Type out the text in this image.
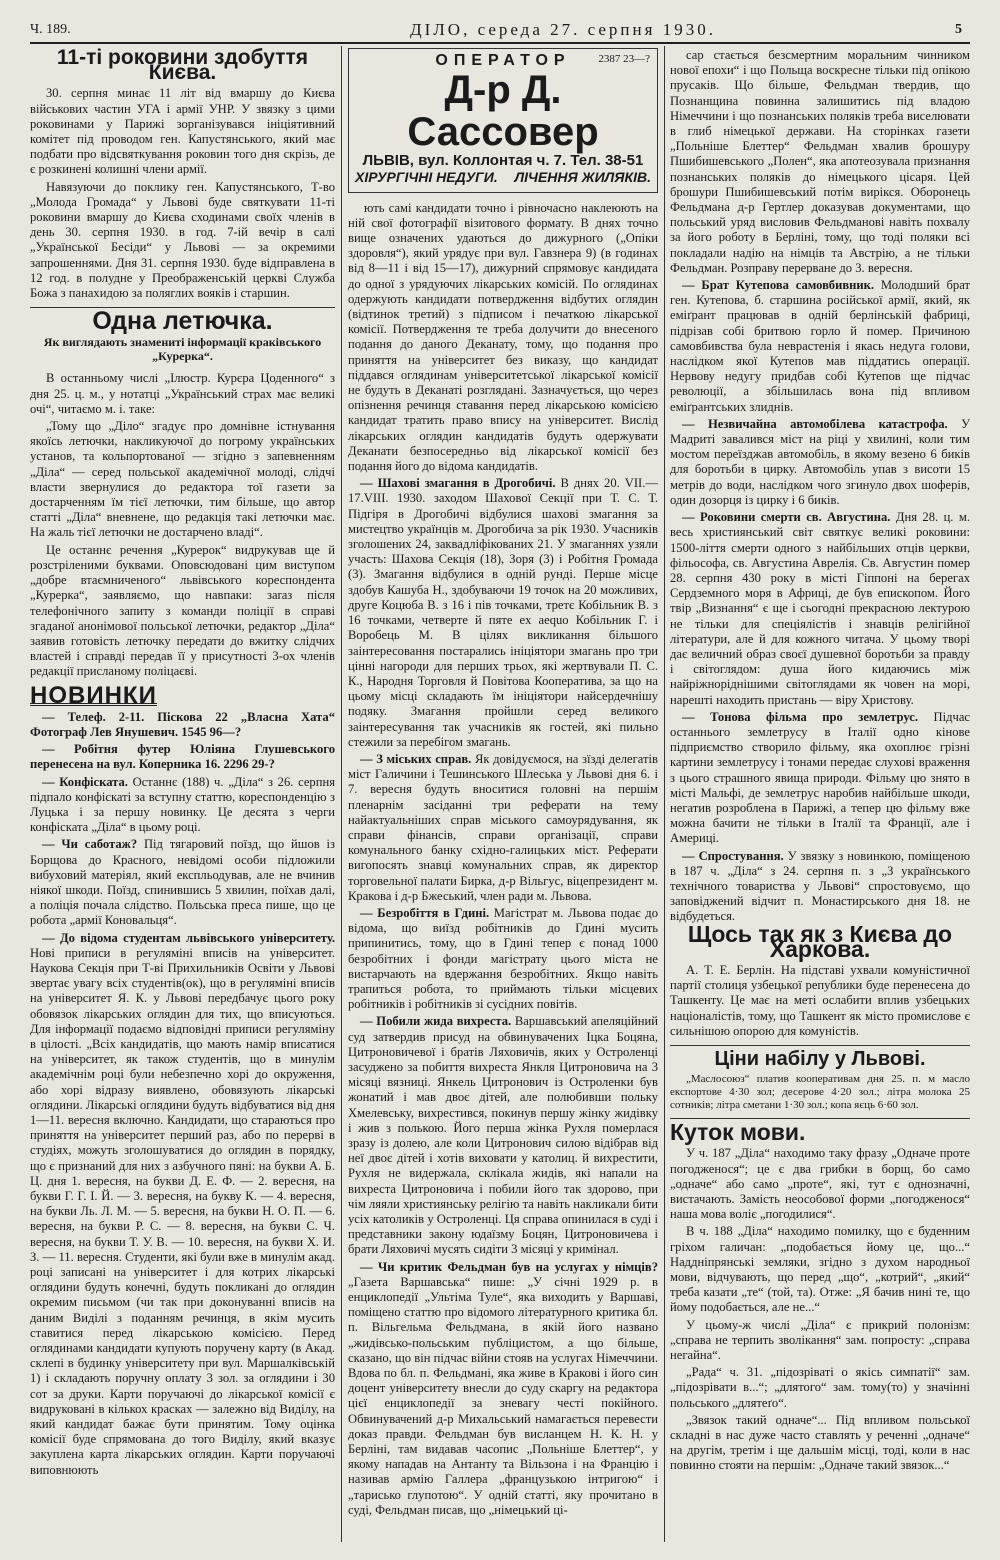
Ч. 189.	ДІЛО, середа 27. серпня 1930.	5
11-ті роковини здобуття Києва.

30. серпня минає 11 літ від вмаршу до Києва військових частин УГА і армії УНР. У звязку з цими роковинами у Парижі зорганізувався ініціятивний комітет під проводом ген. Капустянського, який має подбати про відсвяткування роковин того дня скрізь, де є розкинені колишні члени армії.

Навязуючи до поклику ген. Капустянського, Т-во „Молода Громада“ у Львові буде святкувати 11-ті роковини вмаршу до Києва сходинами своїх членів в день 30. серпня 1930. в год. 7-ій вечір в салі „Української Бесіди“ у Львові — за окремими запрошеннями. Дня 31. серпня 1930. буде відправлена в 12 год. в полудне у Преображенській церкві Служба Божа з панахидою за поляглих вояків і старшин.

Одна летючка.
Як виглядають знамениті інформації краківського „Курерка“.

В останньому числі „Ілюстр. Курєра Цоденного“ з дня 25. ц. м., у нотатці „Український страх має великі очі“, читаємо м. і. таке:

„Тому що „Діло“ згадує про домнівне істнування якоїсь летючки, накликуючої до погрому українських установ, та кольпортованої — згідно з запевненням „Діла“ — серед польської академічної молоді, слідчі власти звернулися до редактора тої газети за достарченням їм тієї летючки, тим більше, що автор статті „Діла“ вневнене, що редакція такі летючки має. На жаль тієї летючки не достарчено владі“.

Це останнє речення „Курерок“ видрукував ще й розстріленими буквами. Оповсюдовані цим виступом „добре втаємниченого“ львівського кореспондента „Курерка“, заявляємо, що навпаки: заraз після телефонічного запиту з команди поліції в справі згаданої анонімової польської летючки, редактор „Діла“ заявив готовість летючку передати до вжитку слідчих властей і справді передав її у присутності 3-ох членів редакції присланому поліцаєві.

НОВИНКИ

— Телеф. 2-11. Піскова 22 „Власна Хата“ Фотограф Лев Янушевич. 1545 96—?

— Робітня футер Юліяна Глушевського перенесена на вул. Коперника 16. 2296 29-?

— Конфіската. Останнє (188) ч. „Діла“ з 26. серпня підпало конфіскаті за вступну статтю, кореспонденцію з Луцька і за першу новинку. Це десята з черги конфіската „Діла“ в цьому році.

— Чи саботаж? Під тягаровий поїзд, що йшов із Борщова до Красного, невідомі особи підложили вибуховий матеріял, який експльодував, але не вчинив ніякої шкоди. Поїзд, спинившись 5 хвилин, поїхав далі, а поліція почала слідство. Польська преса пише, що це робота „армії Коновальця“.

— До відома студентам львівського університету. Нові приписи в регуляміні вписів на університет. Наукова Секція при Т-ві Прихильників Освіти у Львові звертає увагу всіх студентів(ок), що в регуляміні вписів на університет Я. К. у Львові передбачує цього року обовязок лікарських оглядин для тих, що вписуються. Для інформації подаємо відповідні приписи регуляміну в цілості. „Всіх кандидатів, що мають намір вписатися на університет, як також студентів, що в минулім академічнім році були небезпечно хорі до окруження, або хорі відразу виявлено, обовязують лікарські оглядини. Лікарські оглядини будуть відбуватися від дня 1—11. вересня включно. Кандидати, що стараються про приняття на університет перший раз, або по перерві в студіях, можуть зголошуватися до оглядин в порядку, що є признаний для них з азбучного пяні: на букви А. Б. Ц. дня 1. вересня, на букви Д. Е. Ф. — 2. вересня, на букви Г. Г. І. Й. — 3. вересня, на букву К. — 4. вересня, на букви Ль. Л. М. — 5. вересня, на букви Н. О. П. — 6. вересня, на букви Р. С. — 8. вересня, на букви С. Ч. вересня, на букви Т. У. В. — 10. вересня, на букви Х. И. З. — 11. вересня. Студенти, які були вже в минулім акад. році записані на університет і для котрих лікарські оглядини будуть конечні, будуть покликані до оглядин окремим письмом (чи так при доконуванні вписів на даним Виділі з поданням речинця, в якім мусить ставитися перед лікарською комісією. Перед оглядинами кандидати купують поручену карту (в Акад. склепі в будинку університету при вул. Маршалківській 1) і складають поручну оплату 3 зол. за оглядини і 30 сот за друки. Карти поручаючі до лікарської комісії є видруковані в кількох красках — залежно від Виділу, на який кандидат бажає бути принятим. Тому оцінка комісії буде спрямована до того Виділу, який вказує закуплена карта лікарських оглядин. Карти поручаючі виповнюють

ОПЕРАТОР	2387 23—?
Д-р Д. Сассовер
ЛЬВІВ, вул. Коллонтая ч. 7. Тел. 38-51
ХІРУРГІЧНІ НЕДУГИ. ЛІЧЕННЯ ЖИЛЯКІВ.

ють самі кандидати точно і рівночасно наклеюють на ній свої фотографії візитового формату. В днях точно вище означених удаються до дижурного („Опіки здоровля“), який урядує при вул. Гавзнера 9) (в годинах від 8—11 і від 15—17), дижурний спрямовує кандидата до одної з урядуючих лікарських комісій. По оглядинах одержують кандидати потвердження відбутих оглядин (відтинок третий) з підписом і печаткою лікарської комісії. Потвердження те треба долучити до внесеного подання до даного Деканату, тому, що подання про приняття на університет без виказу, що кандидат піддався оглядинам університетської лікарської комісії не будуть в Деканаті розглядані. Зазначується, що через опізнення речинця ставання перед лікарською комісією кандидат тратить право впису на університет. Вислід лікарських оглядин кандидатів будуть одержувати Деканати безпосередньо від лікарської комісії без подання його до відома кандидатів.

— Шахові змагання в Дрогобичі. В днях 20. VII.—17.VIII. 1930. заходом Шахової Секції при Т. С. Т. Підгіря в Дрогобичі відбулися шахові змагання за мистецтво українців м. Дрогобича за рік 1930. Учасників зголошених 24, заквадліфікованих 21. У змаганнях узяли участь: Шахова Секція (18), Зоря (3) і Робітня Громада (3). Змагання відбулися в одній рунді. Перше місце здобув Кашуба Н., здобуваючи 19 точок на 20 можливих, друге Коцюба В. з 16 і пів точками, третє Кобільник В. з 16 точками, четверте й пяте ex aequo Кобільник Г. і Воробець М. В цілях викликання більшого заінтересовання постарались ініціятори змагань про три цінні нагороди для перших трьох, які жертвували П. С. К., Народня Торговля й Повітова Кооператива, за що на цьому місці складають їм ініціятори найсердечнішу подяку. Змагання пройшли серед великого заінтересування так учасників як гостей, які пильно стежили за перебігом змагань.

— З міських справ. Як довідуємося, на зїзді делегатів міст Галичини і Тешинського Шлеська у Львові дня 6. і 7. вересня будуть вноситися головні на першім пленарнім засіданні три реферати на тему найактуальніших справ міського самоурядування, як справи фінансів, справи організації, справи комунального банку східно-галицьких міст. Реферати вигопосять знавці комунальних справ, як директор торговельної палати Бирка, д-р Вільгус, віцепрезидент м. Кракова і д-р Бжеський, член ради м. Львова.

— Безробіття в Гдині. Магістрат м. Львова подає до відома, що виїзд робітників до Гдині мусить припинитись, тому, що в Гдині тепер є понад 1000 безробітних і фонди магістрату цього міста не вистарчають на вдержання безробітних. Якщо навіть трапиться робота, то приймають тільки місцевих робітників і робітників зі сусідних повітів.

— Побили жида вихреста. Варшавський апеляційний суд затвердив присуд на обвинувачених Іцка Боцяна, Цитроновичевої і братів Ляховичів, яких у Остроленці засуджено за побиття вихреста Янкля Цитроновича на 3 місяці вязниці. Янкель Цитронович із Остроленки був жонатий і мав двоє дітей, але полюбивши польку Хмелевську, вихрестився, покинув першу жінку жидівку і жив з полькою. Його перша жінка Рухля померлася зразу із долею, але коли Цитронович силою відібрав від неї двоє дітей і хотів виховати у католиц. й вихрестити, Рухля не видержала, склікала жидів, які напали на вихреста Цитроновича і побили його так здорово, при чім ляяли християнську релігію та навіть накликали бити усіх католиків у Остроленці. Ця справа опинилася в суді і представники закону юдаїзму Боцян, Цитроновичева і брати Ляховичі мусять сидіти 3 місяці у кримінал.

— Чи критик Фельдман був на услугах у німців? „Газета Варшавська“ пише: „У січні 1929 р. в енциклопедії „Ультіма Туле“, яка виходить у Варшаві, поміщено статтю про відомого літературного критика бл. п. Вільгельма Фельдмана, в якій його названо „жидівсько-польським публіцистом, а що більше, сказано, що він підчас війни стояв на услугах Німеччини. Вдова по бл. п. Фельдмані, яка живе в Кракові і його син доцент університету внесли до суду скаргу на редактора цієї енциклопедії за зневагу честі покійного. Обвинувачений д-р Михальський намагається перевести доказ правди. Фельдман був висланцем Н. К. Н. у Берліні, там видавав часопис „Польніше Блеттер“, у якому нападав на Антанту та Вільзона і на Францію і називав армію Галлера „французькою інтригою“ і „тарисько глупотою“. У одній статті, яку прочитано в суді, Фельдман писав, що „німецький ці-

сар стається безсмертним моральним чинником нової епохи“ і що Польща воскресне тільки під опікою прусаків. Що більше, Фельдман твердив, що Познанщина повинна залишитись під владою Німеччини і що познанських поляків треба виселювати в глиб німецької держави. На сторінках газети „Польніше Блеттер“ Фельдман хвалив брошуру Пшибишевського „Полен“, яка апотеозувала признання познанських поляків до німецького цісаря. Цей брошури Пшибишевський потім вирікся. Оборонець Фельдмана д-р Гертлер доказував документами, що польський уряд висловив Фельдманові навіть похвалу за його роботу в Берліні, тому, що тоді поляки всі покладали надію на німців та Австрію, а не тільки Фельдман. Розправу перерване до 3. вересня.

— Брат Кутепова самовбивник. Молодший брат ген. Кутепова, б. старшина російської армії, який, як еміґрант працював в одній берлінській фабриці, підрізав собі бритвою горло й помер. Причиною самовбивства була невраcтенія і якась недуга голови, наслідком якої Кутепов мав піддатись операції. Нервову недугу придбав собі Кутепов ще підчас революції, а збільшилась вона під впливом еміґрантських злиднів.

— Незвичайна автомобілева катастрофа. У Мадриті завалився міст на ріці у хвилині, коли тим мостом переїзджав автомобіль, в якому везено 6 биків для боротьби в цирку. Автомобіль упав з висоти 15 метрів до води, наслідком чого згинуло двох шоферів, один дозорця із цирку і 6 биків.

— Роковини смерти св. Августина. Дня 28. ц. м. весь християнський світ святкує великі роковини: 1500-ліття смерти одного з найбільших отців церкви, фільософа, св. Августина Аврелія. Св. Августин помер 28. серпня 430 року в місті Гіппоні на берегах Сердземного моря в Африці, де був епископом. Його твір „Визнання“ є ще і сьогодні прекрасною лектурою не тільки для спеціялістів і знавців релігійної літератури, але й для кожного читача. У цьому творі дає величний образ своєї душевної боротьби за правду і світоглядом: душа його кидаючись між найріжноріднішими світоглядами як човен на морі, нарешті находить пристань — віру Христову.

— Тонова фільма про землетрус. Підчас останнього землетрусу в Італії одно кінове підприємство створило фільму, яка охоплює грізні картини землетрусу і тонами передає слухові враження з цього страшного явища природи. Фільму цю знято в місті Мальфі, де землетрус наробив найбільше шкоди, негатив розроблена в Парижі, а тепер цю фільму вже можна бачити не тільки в Італії та Франції, але і Америці.

— Спростування. У звязку з новинкою, поміщеною в 187 ч. „Діла“ з 24. серпня п. з „З українського технічного товариства у Львові“ спростовуємо, що заповіджений відчит п. Монастирського дня 18. не відбудеться.

Щось так як з Києва до Харкова.

А. Т. Е. Берлін. На підставі ухвали комуністичної партії столиця узбецької републики буде перенесена до Ташкенту. Це має на меті ослабити вплив узбецьких націоналістів, тому, що Ташкент як місто промислове є сильнішою опорою для комуністів.

Ціни набілу у Львові.

„Маслосоюз“ платив кооперативам дня 25. п. м масло експортове 4·30 зол; десерове 4·20 зол.; літра молока 25 сотників; літра сметани 1·30 зол.; копа яєць 6·60 зол.

Куток мови.

У ч. 187 „Діла“ находимо таку фразу „Одначе проте погодженося“; це є два грибки в борщ, бо само „одначе“ або само „проте“, які, тут є однозначні, вистачають. Замість неособової форми „погодженося“ наша мова воліє „погодилися“.

В ч. 188 „Діла“ находимо помилку, що є буденним гріхом галичан: „подобається йому це, що...“ Наддніпрянські земляки, згідно з духом народньої мови, відчувають, що перед „що“, „котрий“, „який“ треба казати „те“ (той, та). Отже: „Я бачив нині те, що йому подобається, але не...“

У цьому-ж числі „Діла“ є прикрий полонізм: „справа не терпить зволікання“ зам. попросту: „справа негайна“.

„Рада“ ч. 31. „підозріваті о якісь симпатії“ зам. „підозрівати в...“; „длятого“ зам. тому(то) у значінні польського „длятеґо“.

„Звязок такий одначе“... Під впливом польської складні в нас дуже часто ставлять у реченні „одначе“ на другім, третім і ще дальшім місці, тоді, коли в нас повинно стояти на першім: „Одначе такий звязок...“
